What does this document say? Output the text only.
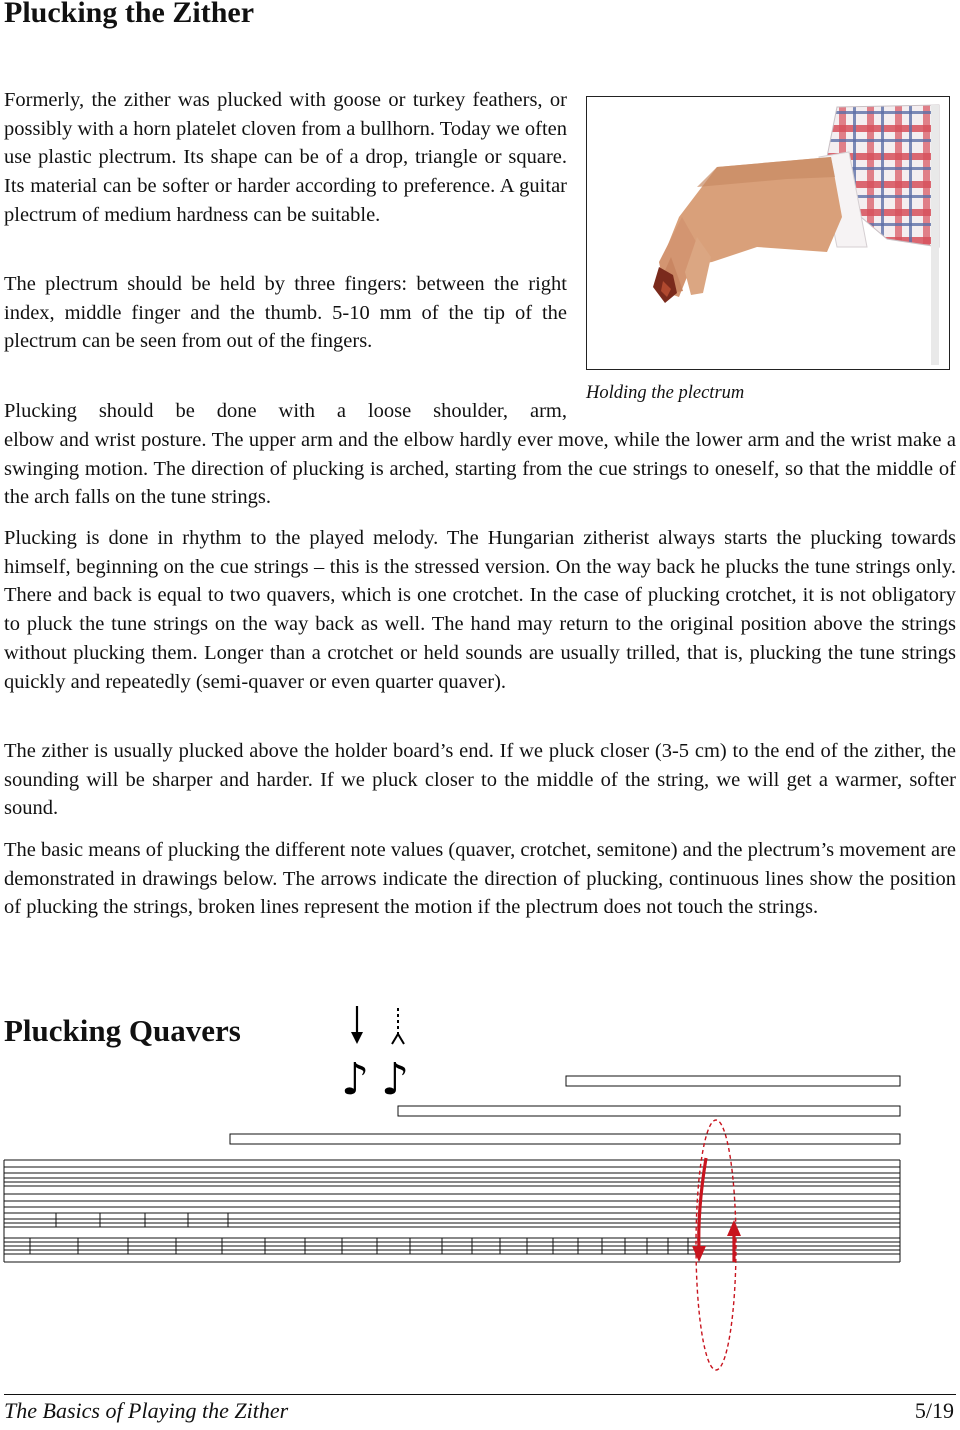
Plucking the Zither

Formerly, the zither was plucked with goose or turkey feathers, or possibly with a horn platelet cloven from a bullhorn. Today we often use plastic plectrum. Its shape can be of a drop, triangle or square. Its material can be softer or harder according to preference. A guitar plectrum of medium hardness can be suitable.

The plectrum should be held by three fingers: between the right index, middle finger and the thumb. 5-10 mm of the tip of the plectrum can be seen from out of the fingers.

Plucking should be done with a loose shoulder, arm,

elbow and wrist posture. The upper arm and the elbow hardly ever move, while the lower arm and the wrist make a swinging motion. The direction of plucking is arched, starting from the cue strings to oneself, so that the middle of the arch falls on the tune strings.

Plucking is done in rhythm to the played melody. The Hungarian zitherist always starts the plucking towards himself, beginning on the cue strings – this is the stressed version. On the way back he plucks the tune strings only. There and back is equal to two quavers, which is one crotchet. In the case of plucking crotchet, it is not obligatory to pluck the tune strings on the way back as well. The hand may return to the original position above the strings without plucking them. Longer than a crotchet or held sounds are usually trilled, that is, plucking the tune strings quickly and repeatedly (semi-quaver or even quarter quaver).

The zither is usually plucked above the holder board’s end. If we pluck closer (3-5 cm) to the end of the zither, the sounding will be sharper and harder. If we pluck closer to the middle of the string, we will get a warmer, softer sound.

The basic means of plucking the different note values (quaver, crotchet, semitone) and the plectrum’s movement are demonstrated in drawings below. The arrows indicate the direction of plucking, continuous lines show the position of plucking the strings, broken lines represent the motion if the plectrum does not touch the strings.

Holding the plectrum

Plucking Quavers
♪ ♪

The Basics of Playing the Zither	5/19
